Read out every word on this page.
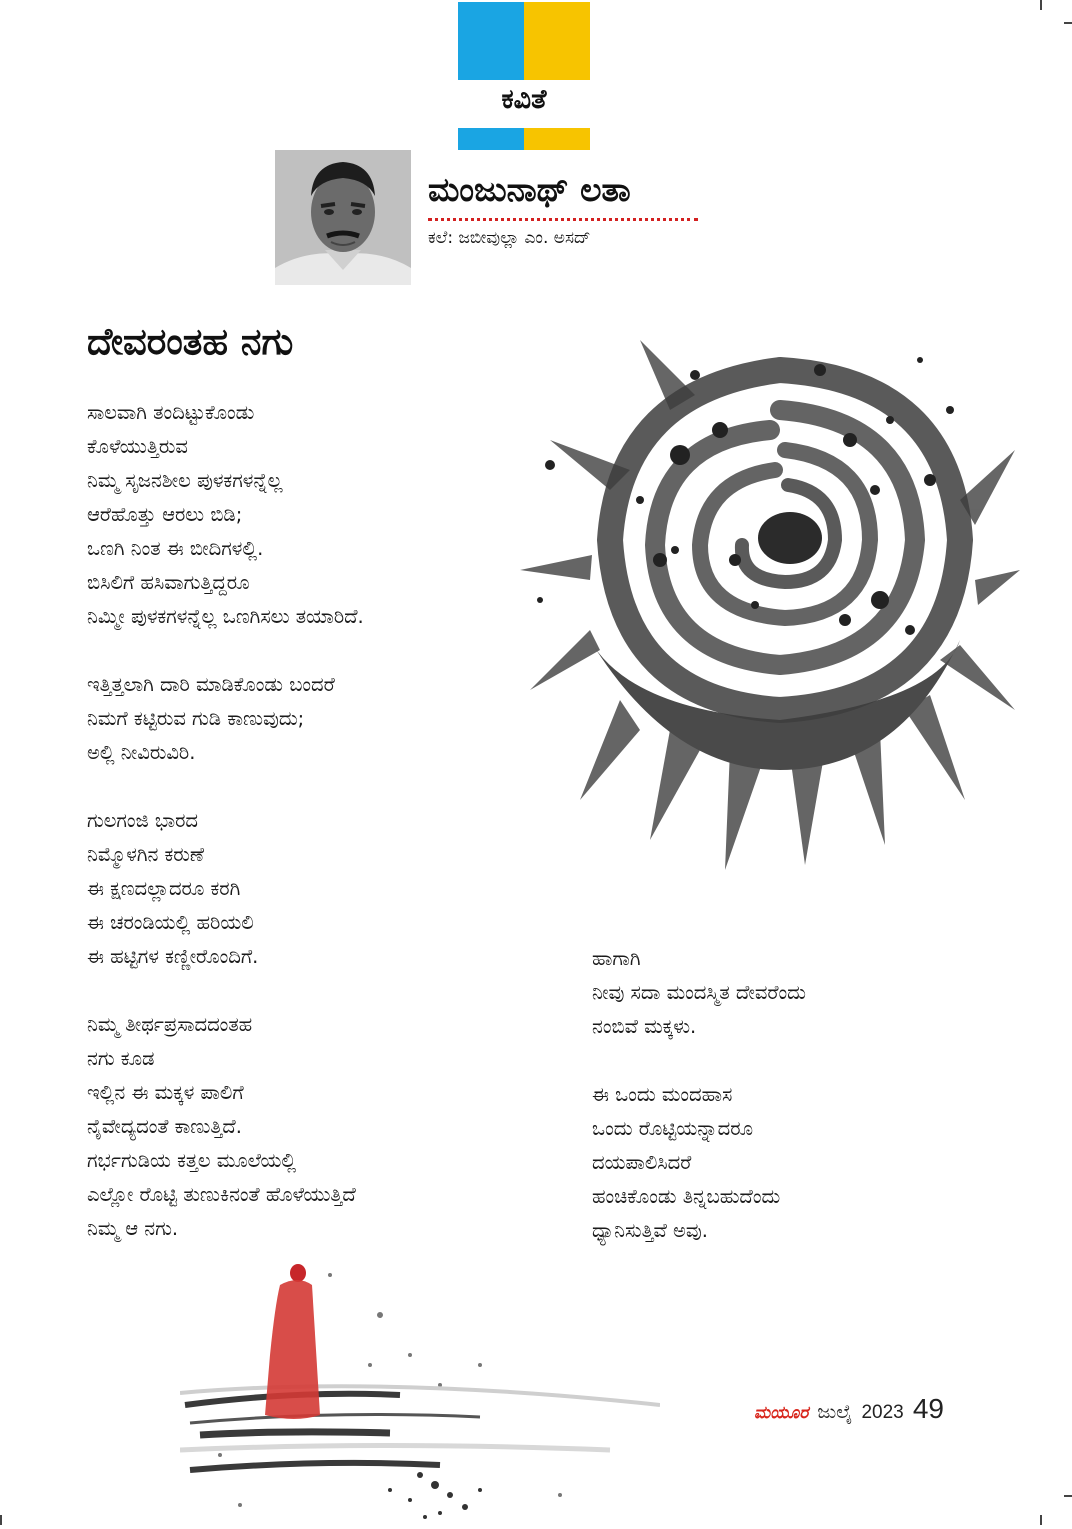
ಕವಿತೆ
ಮಂಜುನಾಥ್ ಲತಾ
ಕಲೆ: ಜಬೀವುಲ್ಲಾ ಎಂ. ಅಸದ್
ದೇವರಂತಹ ನಗು
ಸಾಲವಾಗಿ ತಂದಿಟ್ಟುಕೊಂಡು
ಕೊಳೆಯುತ್ತಿರುವ
ನಿಮ್ಮ ಸೃಜನಶೀಲ ಪುಳಕಗಳನ್ನೆಲ್ಲ
ಆರೆಹೊತ್ತು ಆರಲು ಬಿಡಿ;
ಒಣಗಿ ನಿಂತ ಈ ಬೀದಿಗಳಲ್ಲಿ.
ಬಿಸಿಲಿಗೆ ಹಸಿವಾಗುತ್ತಿದ್ದರೂ
ನಿಮ್ಮೀ ಪುಳಕಗಳನ್ನೆಲ್ಲ ಒಣಗಿಸಲು ತಯಾರಿದೆ.
ಇತ್ತಿತ್ತಲಾಗಿ ದಾರಿ ಮಾಡಿಕೊಂಡು ಬಂದರೆ
ನಿಮಗೆ ಕಟ್ಟಿರುವ ಗುಡಿ ಕಾಣುವುದು;
ಅಲ್ಲಿ ನೀವಿರುವಿರಿ.
ಗುಲಗಂಜಿ ಭಾರದ
ನಿಮ್ಮೊಳಗಿನ ಕರುಣೆ
ಈ ಕ್ಷಣದಲ್ಲಾದರೂ ಕರಗಿ
ಈ ಚರಂಡಿಯಲ್ಲಿ ಹರಿಯಲಿ
ಈ ಹಟ್ಟಿಗಳ ಕಣ್ಣೀರೊಂದಿಗೆ.
ನಿಮ್ಮ ತೀರ್ಥಪ್ರಸಾದದಂತಹ
ನಗು ಕೂಡ
ಇಲ್ಲಿನ ಈ ಮಕ್ಕಳ ಪಾಲಿಗೆ
ನೈವೇದ್ಯದಂತೆ ಕಾಣುತ್ತಿದೆ.
ಗರ್ಭಗುಡಿಯ ಕತ್ತಲ ಮೂಲೆಯಲ್ಲಿ
ಎಲ್ಲೋ ರೊಟ್ಟಿ ತುಣುಕಿನಂತೆ ಹೊಳೆಯುತ್ತಿದೆ
ನಿಮ್ಮ ಆ ನಗು.
ಹಾಗಾಗಿ
ನೀವು ಸದಾ ಮಂದಸ್ಮಿತ ದೇವರೆಂದು
ನಂಬಿವೆ ಮಕ್ಕಳು.
ಈ ಒಂದು ಮಂದಹಾಸ
ಒಂದು ರೊಟ್ಟಿಯನ್ನಾದರೂ
ದಯಪಾಲಿಸಿದರೆ
ಹಂಚಿಕೊಂಡು ತಿನ್ನಬಹುದೆಂದು
ಧ್ಯಾನಿಸುತ್ತಿವೆ ಅವು.
ಮಯೂರ ಜುಲೈ 2023 49
